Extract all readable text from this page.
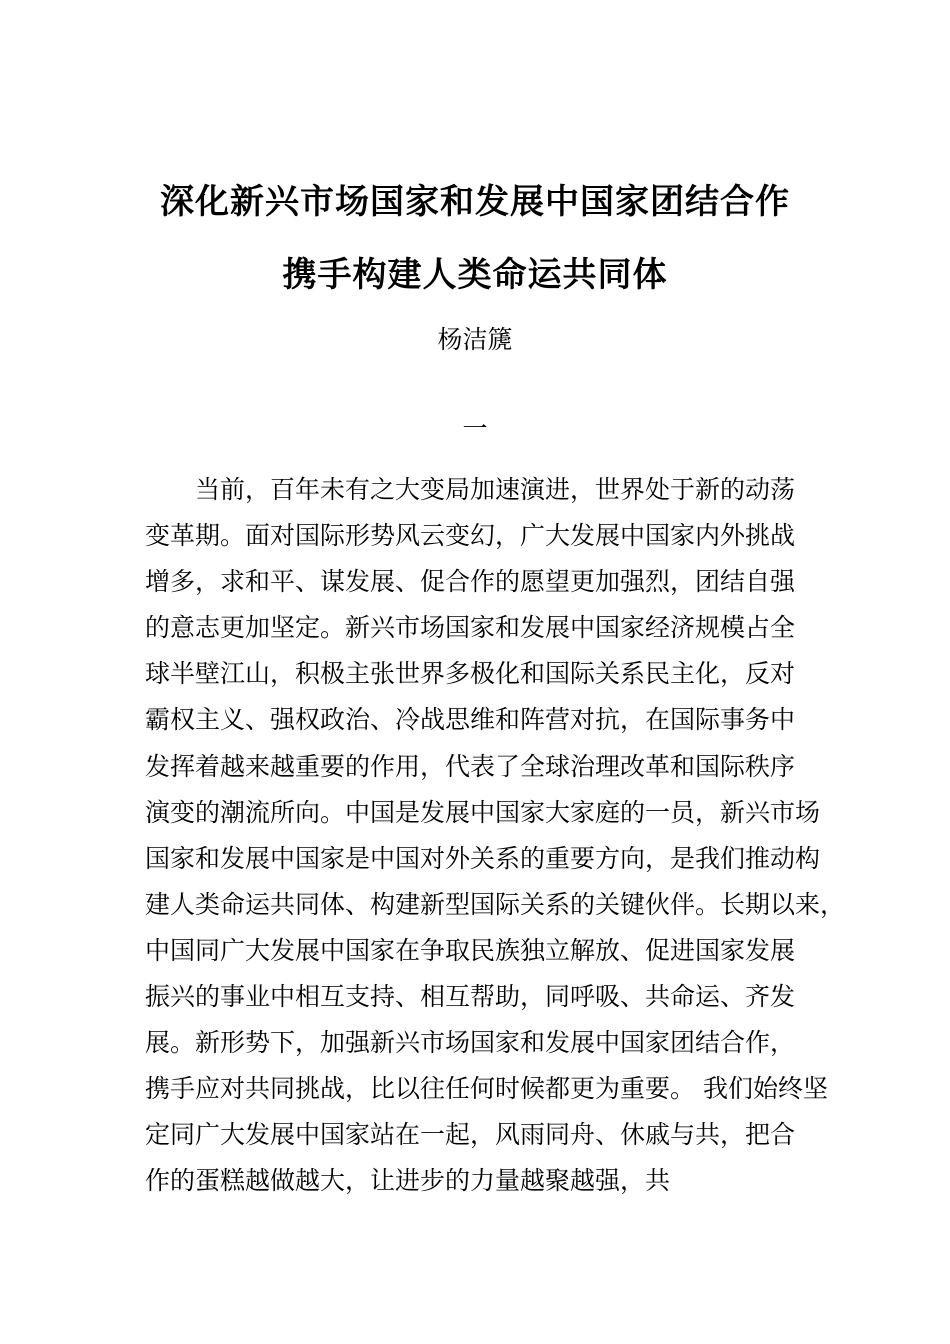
深化新兴市场国家和发展中国家团结合作
携手构建人类命运共同体
杨洁篪
一
当前，百年未有之大变局加速演进，世界处于新的动荡
变革期。面对国际形势风云变幻，广大发展中国家内外挑战
增多，求和平、谋发展、促合作的愿望更加强烈，团结自强
的意志更加坚定。新兴市场国家和发展中国家经济规模占全
球半壁江山，积极主张世界多极化和国际关系民主化，反对
霸权主义、强权政治、冷战思维和阵营对抗，在国际事务中
发挥着越来越重要的作用，代表了全球治理改革和国际秩序
演变的潮流所向。中国是发展中国家大家庭的一员，新兴市场
国家和发展中国家是中国对外关系的重要方向，是我们推动构
建人类命运共同体、构建新型国际关系的关键伙伴。长期以来，
中国同广大发展中国家在争取民族独立解放、促进国家发展
振兴的事业中相互支持、相互帮助，同呼吸、共命运、齐发
展。新形势下，加强新兴市场国家和发展中国家团结合作，
携手应对共同挑战，比以往任何时候都更为重要。 我们始终坚
定同广大发展中国家站在一起，风雨同舟、休戚与共，把合
作的蛋糕越做越大，让进步的力量越聚越强，共
